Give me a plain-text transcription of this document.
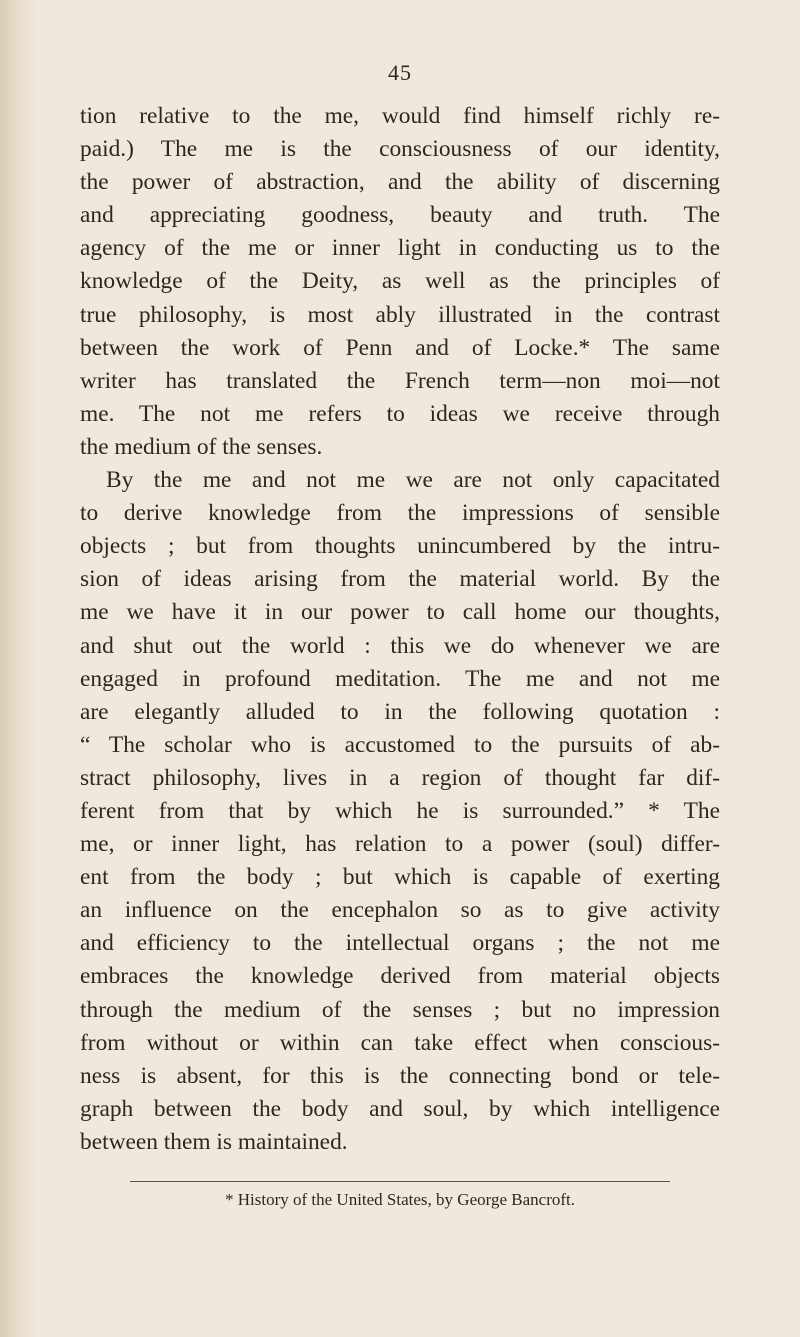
45
tion relative to the me, would find himself richly re-
paid.) The me is the consciousness of our identity,
the power of abstraction, and the ability of discerning
and appreciating goodness, beauty and truth. The
agency of the me or inner light in conducting us to the
knowledge of the Deity, as well as the principles of
true philosophy, is most ably illustrated in the contrast
between the work of Penn and of Locke.* The same
writer has translated the French term—non moi—not
me. The not me refers to ideas we receive through
the medium of the senses.
By the me and not me we are not only capacitated
to derive knowledge from the impressions of sensible
objects ; but from thoughts unincumbered by the intru-
sion of ideas arising from the material world. By the
me we have it in our power to call home our thoughts,
and shut out the world : this we do whenever we are
engaged in profound meditation. The me and not me
are elegantly alluded to in the following quotation :
“ The scholar who is accustomed to the pursuits of ab-
stract philosophy, lives in a region of thought far dif-
ferent from that by which he is surrounded.” * The
me, or inner light, has relation to a power (soul) differ-
ent from the body ; but which is capable of exerting
an influence on the encephalon so as to give activity
and efficiency to the intellectual organs ; the not me
embraces the knowledge derived from material objects
through the medium of the senses ; but no impression
from without or within can take effect when conscious-
ness is absent, for this is the connecting bond or tele-
graph between the body and soul, by which intelligence
between them is maintained.
* History of the United States, by George Bancroft.
